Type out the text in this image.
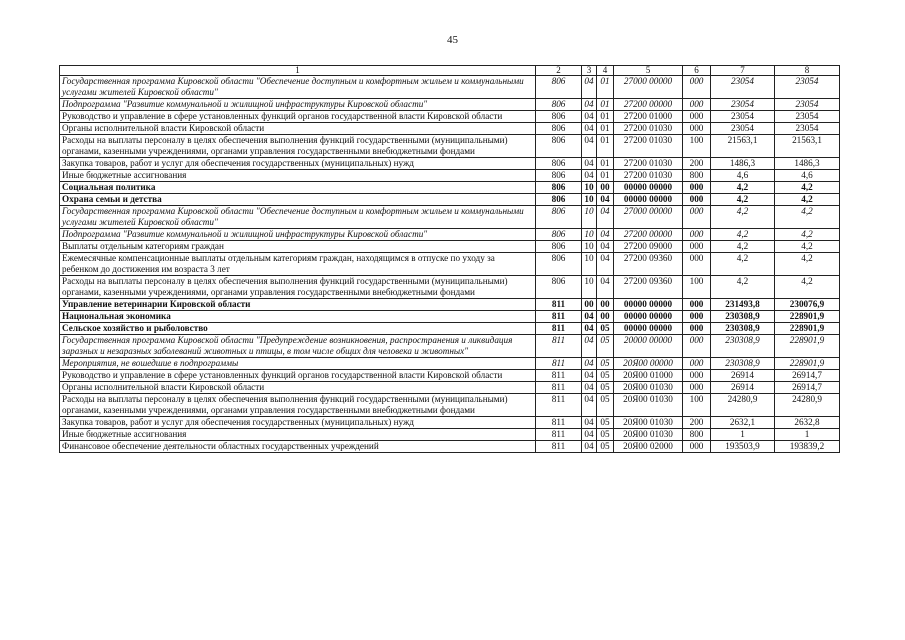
45
1	2	3	4	5	6	7	8
Государственная программа Кировской области "Обеспечение доступным и комфортным жильем и коммунальными услугами жителей Кировской области"	806	04	01	27000 00000	000	23054	23054
Подпрограмма "Развитие коммунальной и жилищной инфраструктуры Кировской области"	806	04	01	27200 00000	000	23054	23054
Руководство и управление в сфере установленных функций органов государственной власти Кировской области	806	04	01	27200 01000	000	23054	23054
Органы исполнительной власти Кировской области	806	04	01	27200 01030	000	23054	23054
Расходы на выплаты персоналу в целях обеспечения выполнения функций государственными (муниципальными) органами, казенными учреждениями, органами управления государственными внебюджетными фондами	806	04	01	27200 01030	100	21563,1	21563,1
Закупка товаров, работ и услуг для обеспечения государственных (муниципальных) нужд	806	04	01	27200 01030	200	1486,3	1486,3
Иные бюджетные ассигнования	806	04	01	27200 01030	800	4,6	4,6
Социальная политика	806	10	00	00000 00000	000	4,2	4,2
Охрана семьи и детства	806	10	04	00000 00000	000	4,2	4,2
Государственная программа Кировской области "Обеспечение доступным и комфортным жильем и коммунальными услугами жителей Кировской области"	806	10	04	27000 00000	000	4,2	4,2
Подпрограмма "Развитие коммунальной и жилищной инфраструктуры Кировской области"	806	10	04	27200 00000	000	4,2	4,2
Выплаты отдельным категориям граждан	806	10	04	27200 09000	000	4,2	4,2
Ежемесячные компенсационные выплаты отдельным категориям граждан, находящимся в отпуске по уходу за ребенком до достижения им возраста 3 лет	806	10	04	27200 09360	000	4,2	4,2
Расходы на выплаты персоналу в целях обеспечения выполнения функций государственными (муниципальными) органами, казенными учреждениями, органами управления государственными внебюджетными фондами	806	10	04	27200 09360	100	4,2	4,2
Управление ветеринарии Кировской области	811	00	00	00000 00000	000	231493,8	230076,9
Национальная экономика	811	04	00	00000 00000	000	230308,9	228901,9
Сельское хозяйство и рыболовство	811	04	05	00000 00000	000	230308,9	228901,9
Государственная программа Кировской области "Предупреждение возникновения, распространения и ликвидация заразных и незаразных заболеваний животных и птицы, в том числе общих для человека и животных"	811	04	05	20000 00000	000	230308,9	228901,9
Мероприятия, не вошедшие в подпрограммы	811	04	05	20Я00 00000	000	230308,9	228901,9
Руководство и управление в сфере установленных функций органов государственной власти Кировской области	811	04	05	20Я00 01000	000	26914	26914,7
Органы исполнительной власти Кировской области	811	04	05	20Я00 01030	000	26914	26914,7
Расходы на выплаты персоналу в целях обеспечения выполнения функций государственными (муниципальными) органами, казенными учреждениями, органами управления государственными внебюджетными фондами	811	04	05	20Я00 01030	100	24280,9	24280,9
Закупка товаров, работ и услуг для обеспечения государственных (муниципальных) нужд	811	04	05	20Я00 01030	200	2632,1	2632,8
Иные бюджетные ассигнования	811	04	05	20Я00 01030	800	1	1
Финансовое обеспечение деятельности областных государственных учреждений	811	04	05	20Я00 02000	000	193503,9	193839,2
